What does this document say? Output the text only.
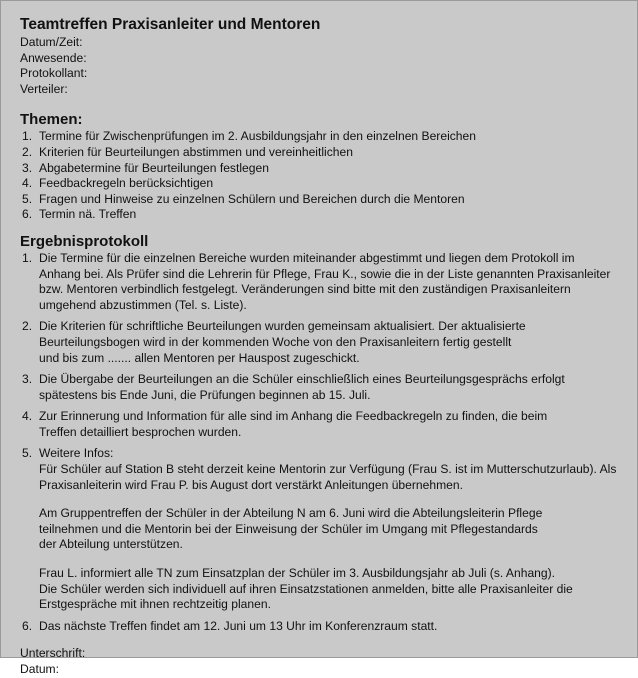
Teamtreffen Praxisanleiter und Mentoren
Datum/Zeit:
Anwesende:
Protokollant:
Verteiler:
Themen:
1. Termine für Zwischenprüfungen im 2. Ausbildungsjahr in den einzelnen Bereichen
2. Kriterien für Beurteilungen abstimmen und vereinheitlichen
3. Abgabetermine für Beurteilungen festlegen
4. Feedbackregeln berücksichtigen
5. Fragen und Hinweise zu einzelnen Schülern und Bereichen durch die Mentoren
6. Termin nä. Treffen
Ergebnisprotokoll
1. Die Termine für die einzelnen Bereiche wurden miteinander abgestimmt und liegen dem Protokoll im
Anhang bei. Als Prüfer sind die Lehrerin für Pflege, Frau K., sowie die in der Liste genannten Praxisanleiter
bzw. Mentoren verbindlich festgelegt. Veränderungen sind bitte mit den zuständigen Praxisanleitern
umgehend abzustimmen (Tel. s. Liste).
2. Die Kriterien für schriftliche Beurteilungen wurden gemeinsam aktualisiert. Der aktualisierte
Beurteilungsbogen wird in der kommenden Woche von den Praxisanleitern fertig gestellt
und bis zum ....... allen Mentoren per Hauspost zugeschickt.
3. Die Übergabe der Beurteilungen an die Schüler einschließlich eines Beurteilungsgesprächs erfolgt
spätestens bis Ende Juni, die Prüfungen beginnen ab 15. Juli.
4. Zur Erinnerung und Information für alle sind im Anhang die Feedbackregeln zu finden, die beim
Treffen detailliert besprochen wurden.
5. Weitere Infos:
Für Schüler auf Station B steht derzeit keine Mentorin zur Verfügung (Frau S. ist im Mutterschutzurlaub). Als
Praxisanleiterin wird Frau P. bis August dort verstärkt Anleitungen übernehmen.
Am Gruppentreffen der Schüler in der Abteilung N am 6. Juni wird die Abteilungsleiterin Pflege
teilnehmen und die Mentorin bei der Einweisung der Schüler im Umgang mit Pflegestandards
der Abteilung unterstützen.
Frau L. informiert alle TN zum Einsatzplan der Schüler im 3. Ausbildungsjahr ab Juli (s. Anhang).
Die Schüler werden sich individuell auf ihren Einsatzstationen anmelden, bitte alle Praxisanleiter die
Erstgespräche mit ihnen rechtzeitig planen.
6. Das nächste Treffen findet am 12. Juni um 13 Uhr im Konferenzraum statt.
Unterschrift:
Datum:
